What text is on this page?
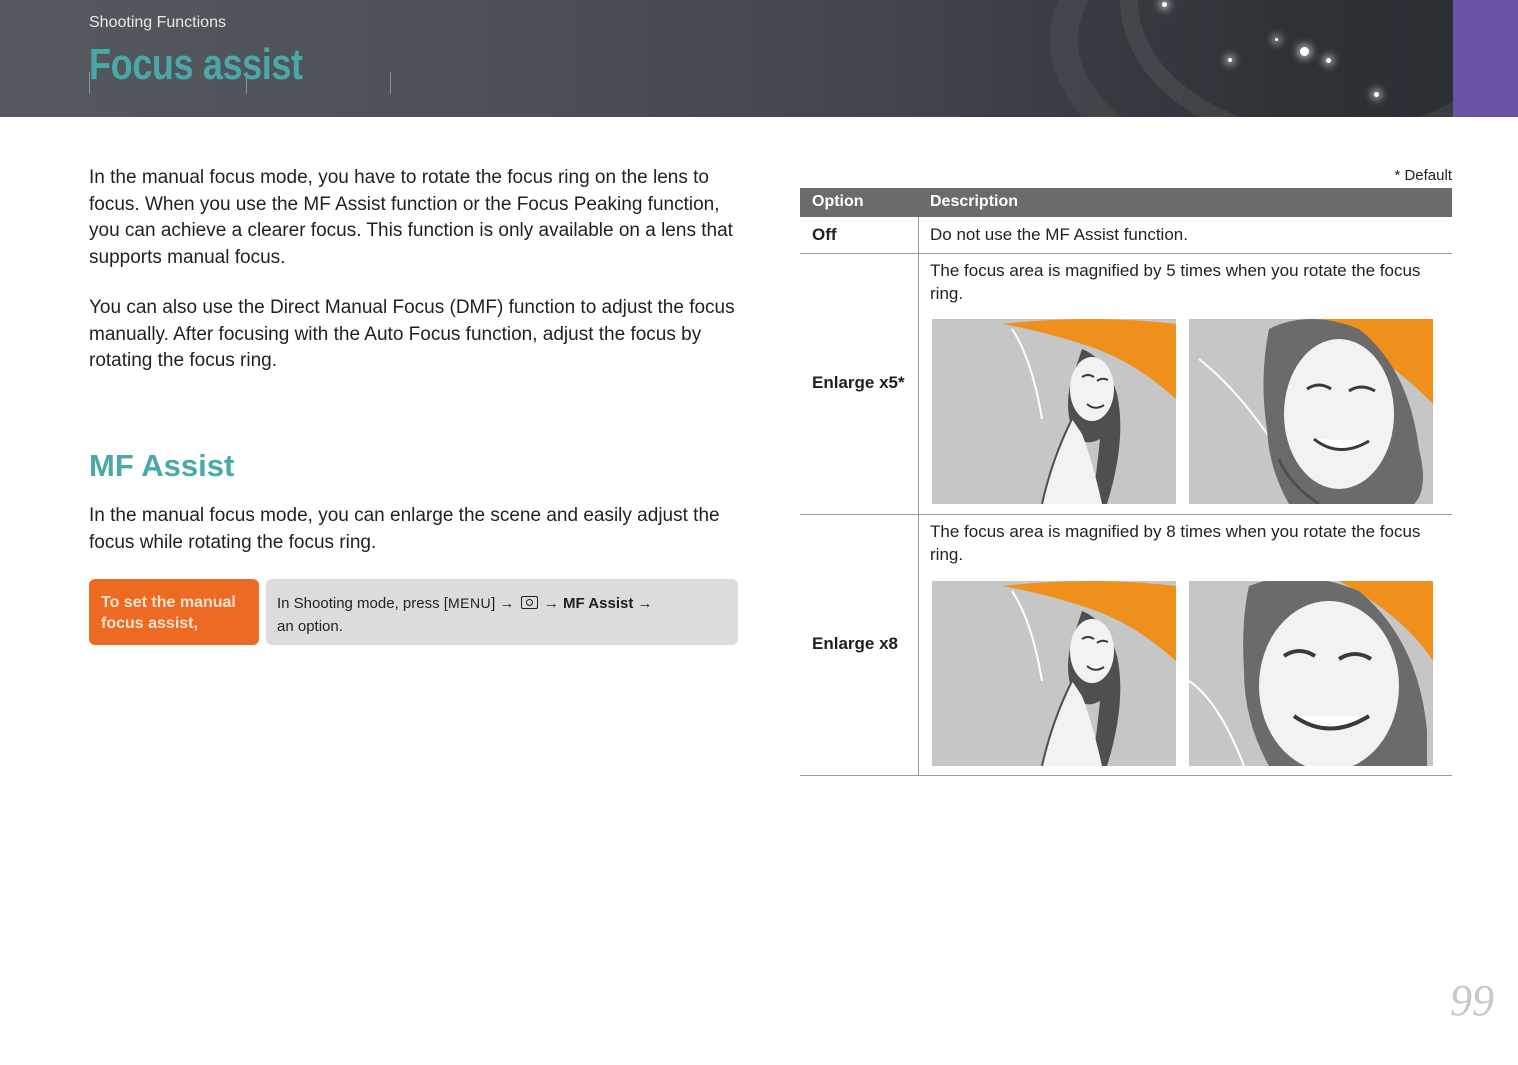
Shooting Functions
Focus assist

In the manual focus mode, you have to rotate the focus ring on the lens to focus. When you use the MF Assist function or the Focus Peaking function, you can achieve a clearer focus. This function is only available on a lens that supports manual focus.

You can also use the Direct Manual Focus (DMF) function to adjust the focus manually. After focusing with the Auto Focus function, adjust the focus by rotating the focus ring.

MF Assist

In the manual focus mode, you can enlarge the scene and easily adjust the focus while rotating the focus ring.

To set the manual focus assist,
In Shooting mode, press [MENU] → → MF Assist →
an option.
* Default
Option	Description
Off	Do not use the MF Assist function.
Enlarge x5*
The focus area is magnified by 5 times when you rotate the focus ring.
Enlarge x8
The focus area is magnified by 8 times when you rotate the focus ring.
99
